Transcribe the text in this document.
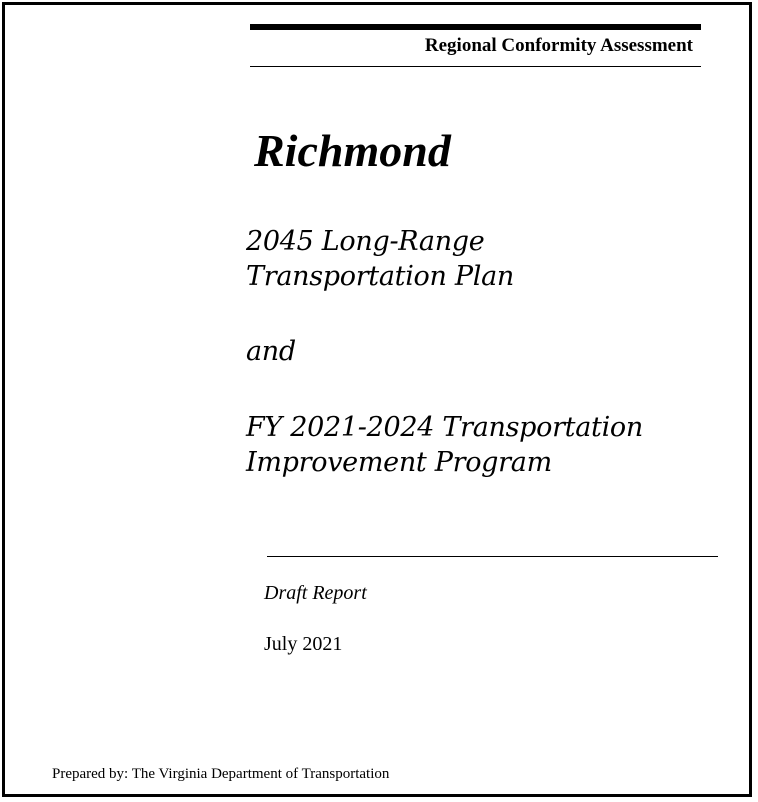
Regional Conformity Assessment
Richmond
2045 Long-Range
Transportation Plan
and
FY 2021-2024 Transportation
Improvement Program
Draft Report
July 2021
Prepared by: The Virginia Department of Transportation
